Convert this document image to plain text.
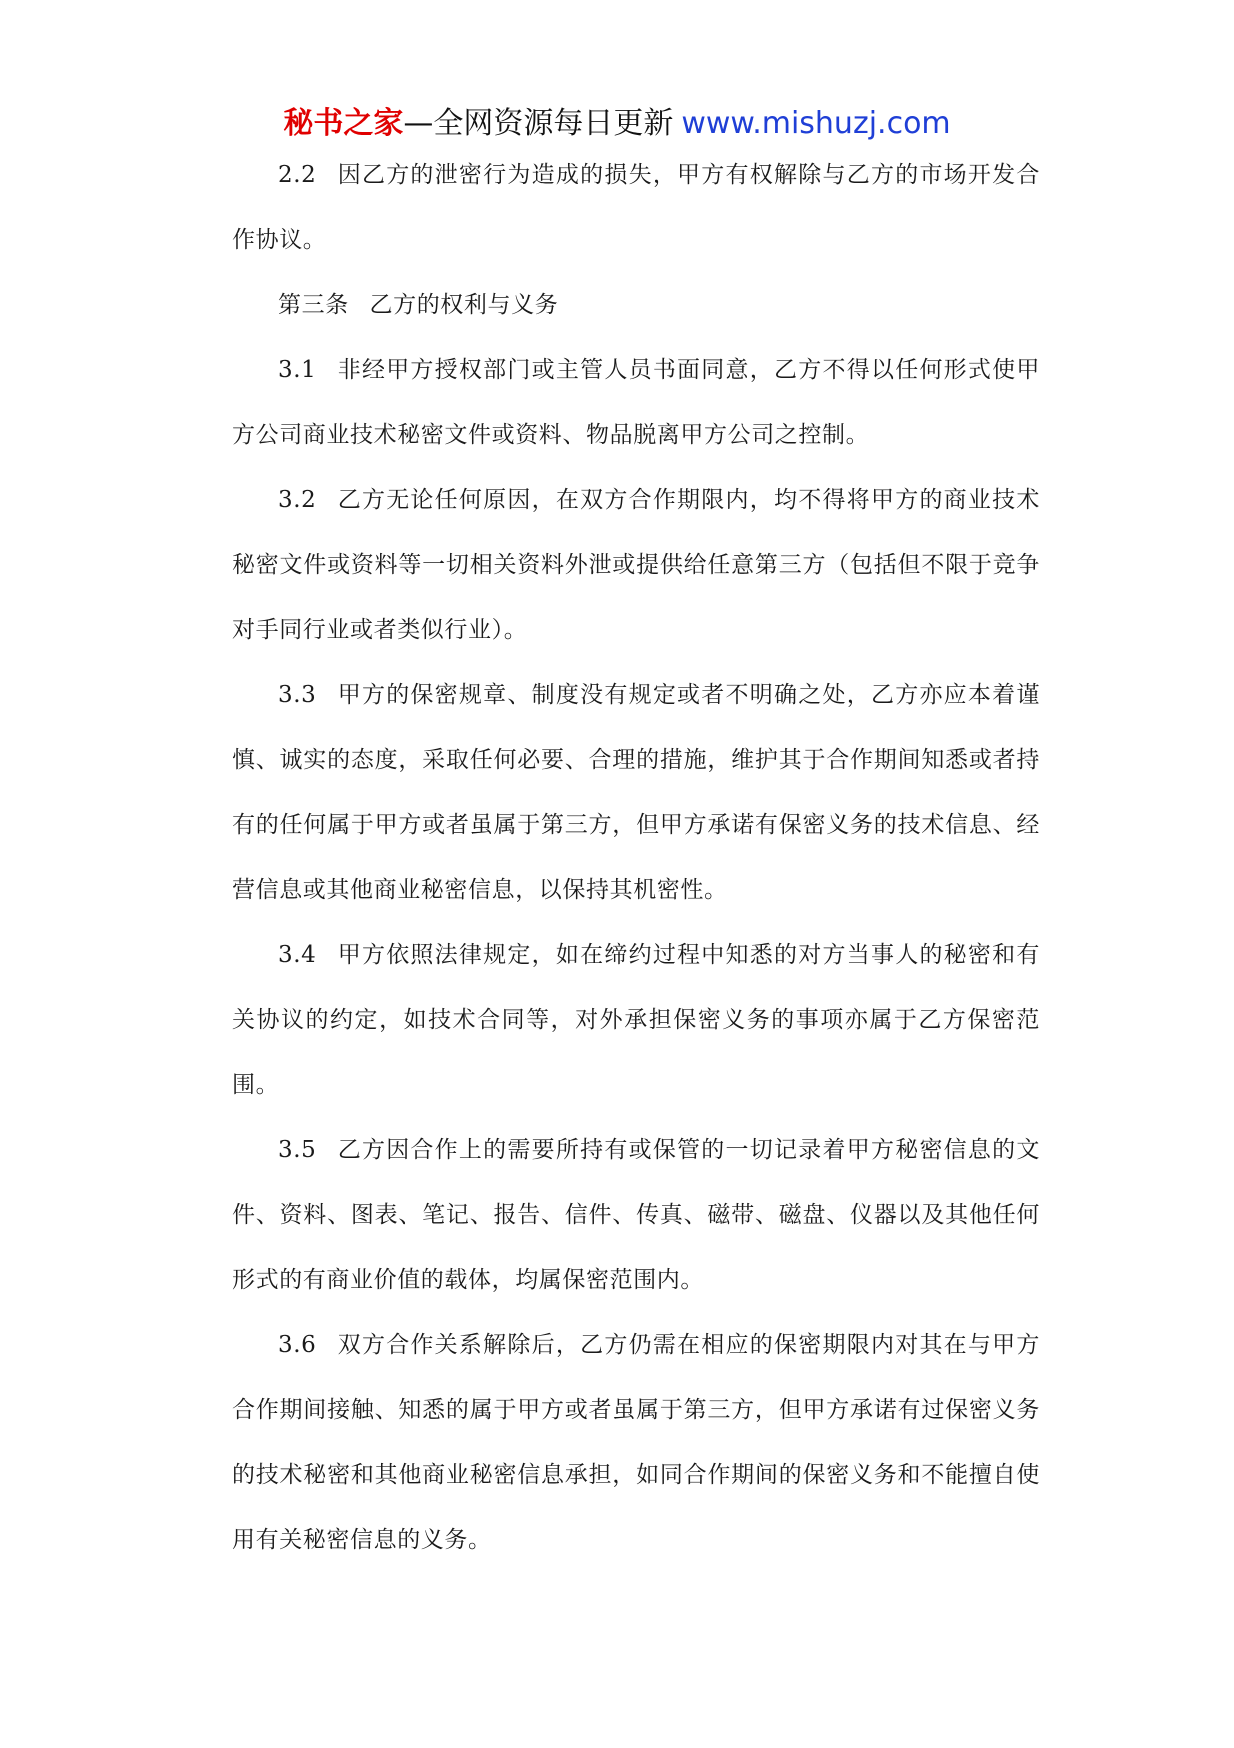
秘书之家—全网资源每日更新 www.mishuzj.com

2.2 因乙方的泄密行为造成的损失，甲方有权解除与乙方的市场开发合作协议。

第三条 乙方的权利与义务

3.1 非经甲方授权部门或主管人员书面同意，乙方不得以任何形式使甲方公司商业技术秘密文件或资料、物品脱离甲方公司之控制。

3.2 乙方无论任何原因，在双方合作期限内，均不得将甲方的商业技术秘密文件或资料等一切相关资料外泄或提供给任意第三方（包括但不限于竞争对手同行业或者类似行业）。

3.3 甲方的保密规章、制度没有规定或者不明确之处，乙方亦应本着谨慎、诚实的态度，采取任何必要、合理的措施，维护其于合作期间知悉或者持有的任何属于甲方或者虽属于第三方，但甲方承诺有保密义务的技术信息、经营信息或其他商业秘密信息，以保持其机密性。

3.4 甲方依照法律规定，如在缔约过程中知悉的对方当事人的秘密和有关协议的约定，如技术合同等，对外承担保密义务的事项亦属于乙方保密范围。

3.5 乙方因合作上的需要所持有或保管的一切记录着甲方秘密信息的文件、资料、图表、笔记、报告、信件、传真、磁带、磁盘、仪器以及其他任何形式的有商业价值的载体，均属保密范围内。

3.6 双方合作关系解除后，乙方仍需在相应的保密期限内对其在与甲方合作期间接触、知悉的属于甲方或者虽属于第三方，但甲方承诺有过保密义务的技术秘密和其他商业秘密信息承担，如同合作期间的保密义务和不能擅自使用有关秘密信息的义务。
